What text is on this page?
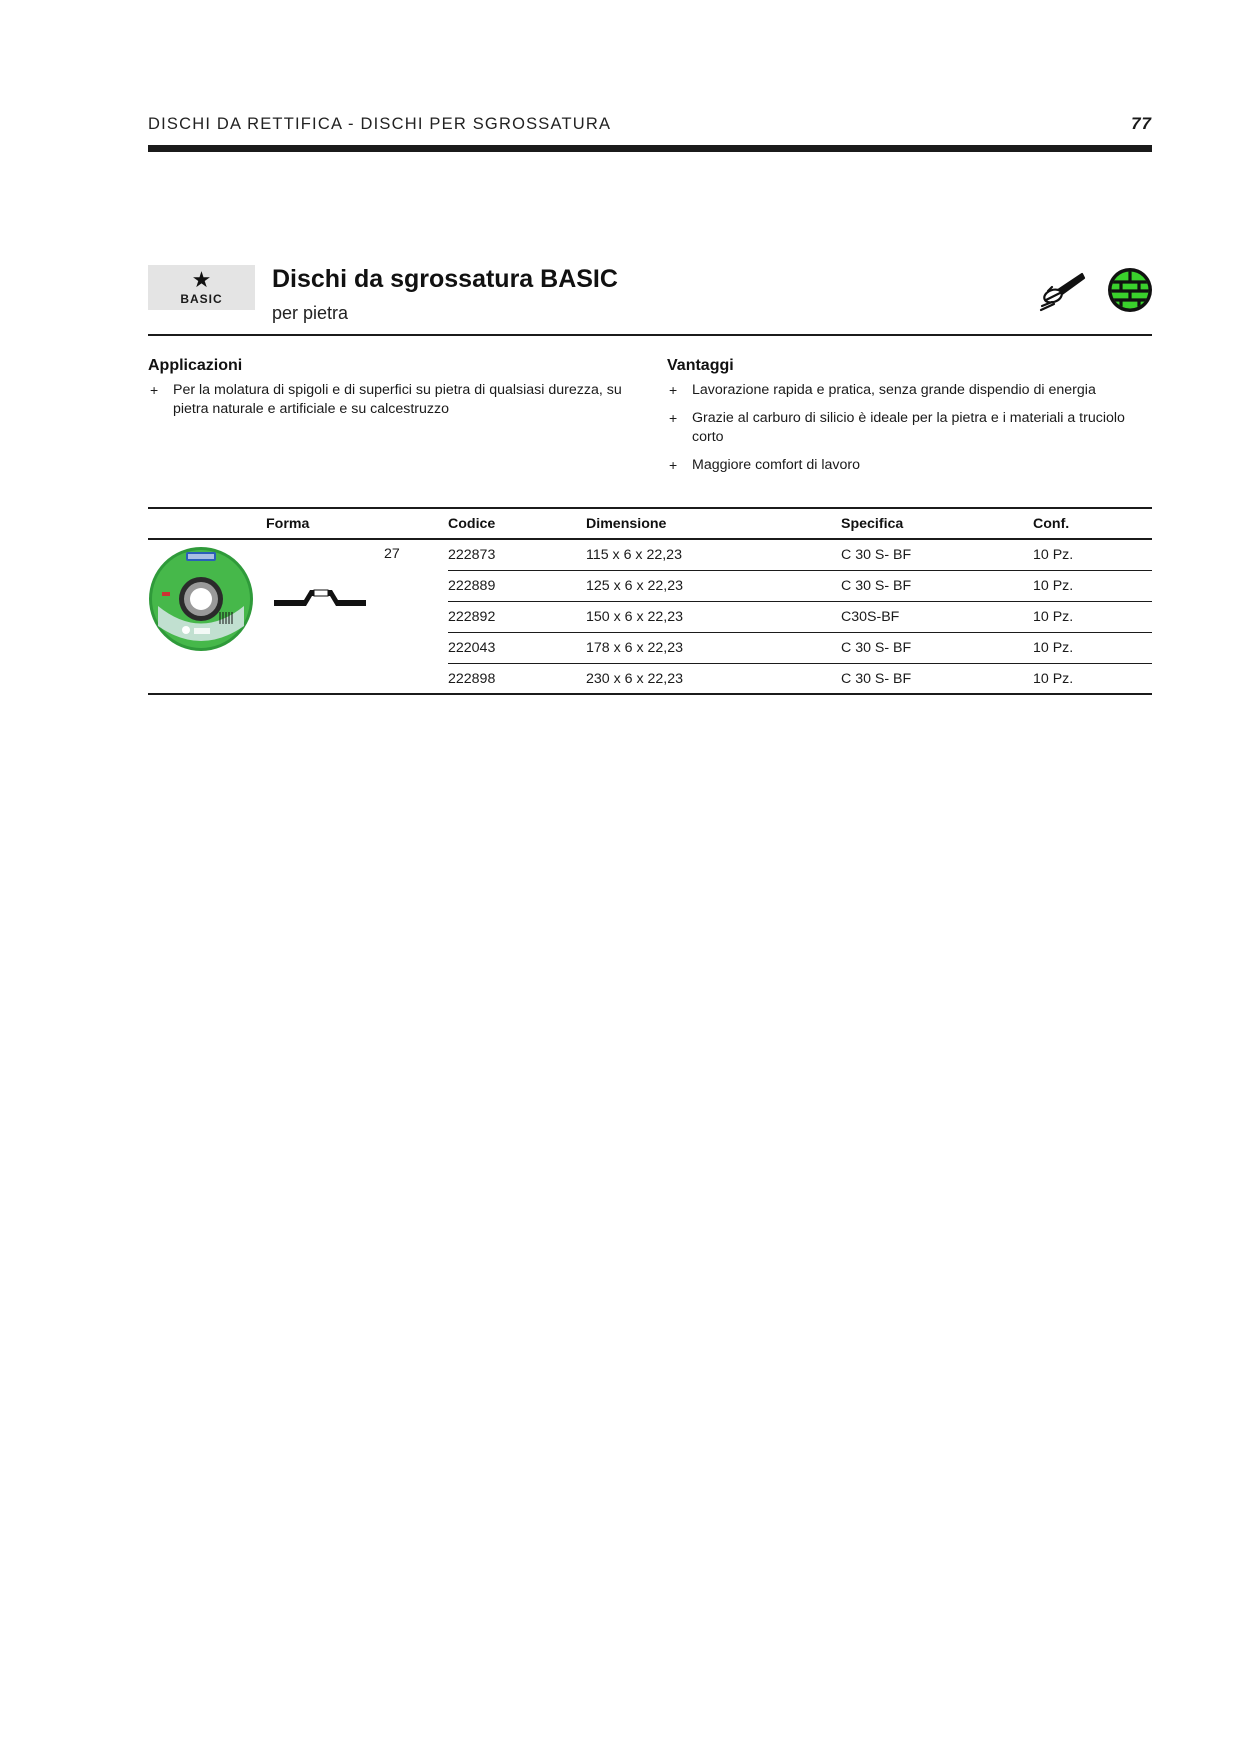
DISCHI DA RETTIFICA - DISCHI PER SGROSSATURA	77
★
BASIC
Dischi da sgrossatura BASIC
per pietra
Applicazioni
+ Per la molatura di spigoli e di superfici su pietra di qualsiasi durezza, su pietra naturale e artificiale e su calcestruzzo
Vantaggi
+ Lavorazione rapida e pratica, senza grande dispendio di energia
+ Grazie al carburo di silicio è ideale per la pietra e i materiali a truciolo corto
+ Maggiore comfort di lavoro
Forma	Codice	Dimensione	Specifica	Conf.
27	222873	115 x 6 x 22,23	C 30 S- BF	10 Pz.
222889	125 x 6 x 22,23	C 30 S- BF	10 Pz.
222892	150 x 6 x 22,23	C30S-BF	10 Pz.
222043	178 x 6 x 22,23	C 30 S- BF	10 Pz.
222898	230 x 6 x 22,23	C 30 S- BF	10 Pz.
